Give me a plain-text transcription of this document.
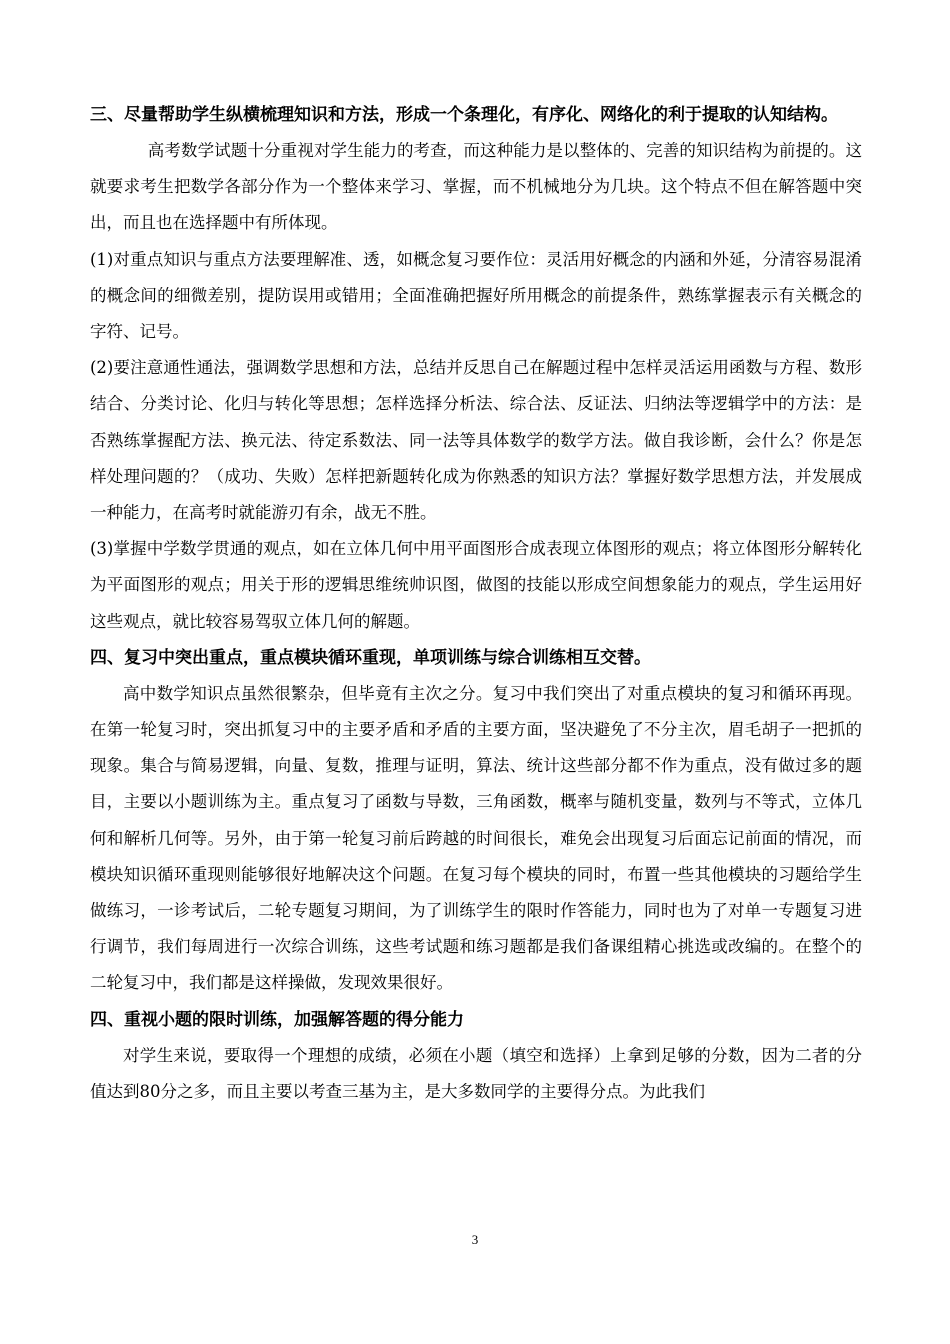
三、尽量帮助学生纵横梳理知识和方法，形成一个条理化，有序化、网络化的利于提取的认知结构。

高考数学试题十分重视对学生能力的考查，而这种能力是以整体的、完善的知识结构为前提的。这就要求考生把数学各部分作为一个整体来学习、掌握，而不机械地分为几块。这个特点不但在解答题中突出，而且也在选择题中有所体现。

(1)对重点知识与重点方法要理解准、透，如概念复习要作位：灵活用好概念的内涵和外延，分清容易混淆的概念间的细微差别，提防误用或错用；全面准确把握好所用概念的前提条件，熟练掌握表示有关概念的字符、记号。

(2)要注意通性通法，强调数学思想和方法，总结并反思自己在解题过程中怎样灵活运用函数与方程、数形结合、分类讨论、化归与转化等思想；怎样选择分析法、综合法、反证法、归纳法等逻辑学中的方法：是否熟练掌握配方法、换元法、待定系数法、同一法等具体数学的数学方法。做自我诊断，会什么？你是怎样处理问题的？（成功、失败）怎样把新题转化成为你熟悉的知识方法？掌握好数学思想方法，并发展成一种能力，在高考时就能游刃有余，战无不胜。

(3)掌握中学数学贯通的观点，如在立体几何中用平面图形合成表现立体图形的观点；将立体图形分解转化为平面图形的观点；用关于形的逻辑思维统帅识图，做图的技能以形成空间想象能力的观点，学生运用好这些观点，就比较容易驾驭立体几何的解题。

四、复习中突出重点，重点模块循环重现，单项训练与综合训练相互交替。

高中数学知识点虽然很繁杂，但毕竟有主次之分。复习中我们突出了对重点模块的复习和循环再现。在第一轮复习时，突出抓复习中的主要矛盾和矛盾的主要方面，坚决避免了不分主次，眉毛胡子一把抓的现象。集合与简易逻辑，向量、复数，推理与证明，算法、统计这些部分都不作为重点，没有做过多的题目，主要以小题训练为主。重点复习了函数与导数，三角函数，概率与随机变量，数列与不等式，立体几何和解析几何等。另外，由于第一轮复习前后跨越的时间很长，难免会出现复习后面忘记前面的情况，而模块知识循环重现则能够很好地解决这个问题。在复习每个模块的同时，布置一些其他模块的习题给学生做练习，一诊考试后，二轮专题复习期间，为了训练学生的限时作答能力，同时也为了对单一专题复习进行调节，我们每周进行一次综合训练，这些考试题和练习题都是我们备课组精心挑选或改编的。在整个的二轮复习中，我们都是这样操做，发现效果很好。

四、重视小题的限时训练，加强解答题的得分能力

对学生来说，要取得一个理想的成绩，必须在小题（填空和选择）上拿到足够的分数，因为二者的分值达到80分之多，而且主要以考查三基为主，是大多数同学的主要得分点。为此我们

3
